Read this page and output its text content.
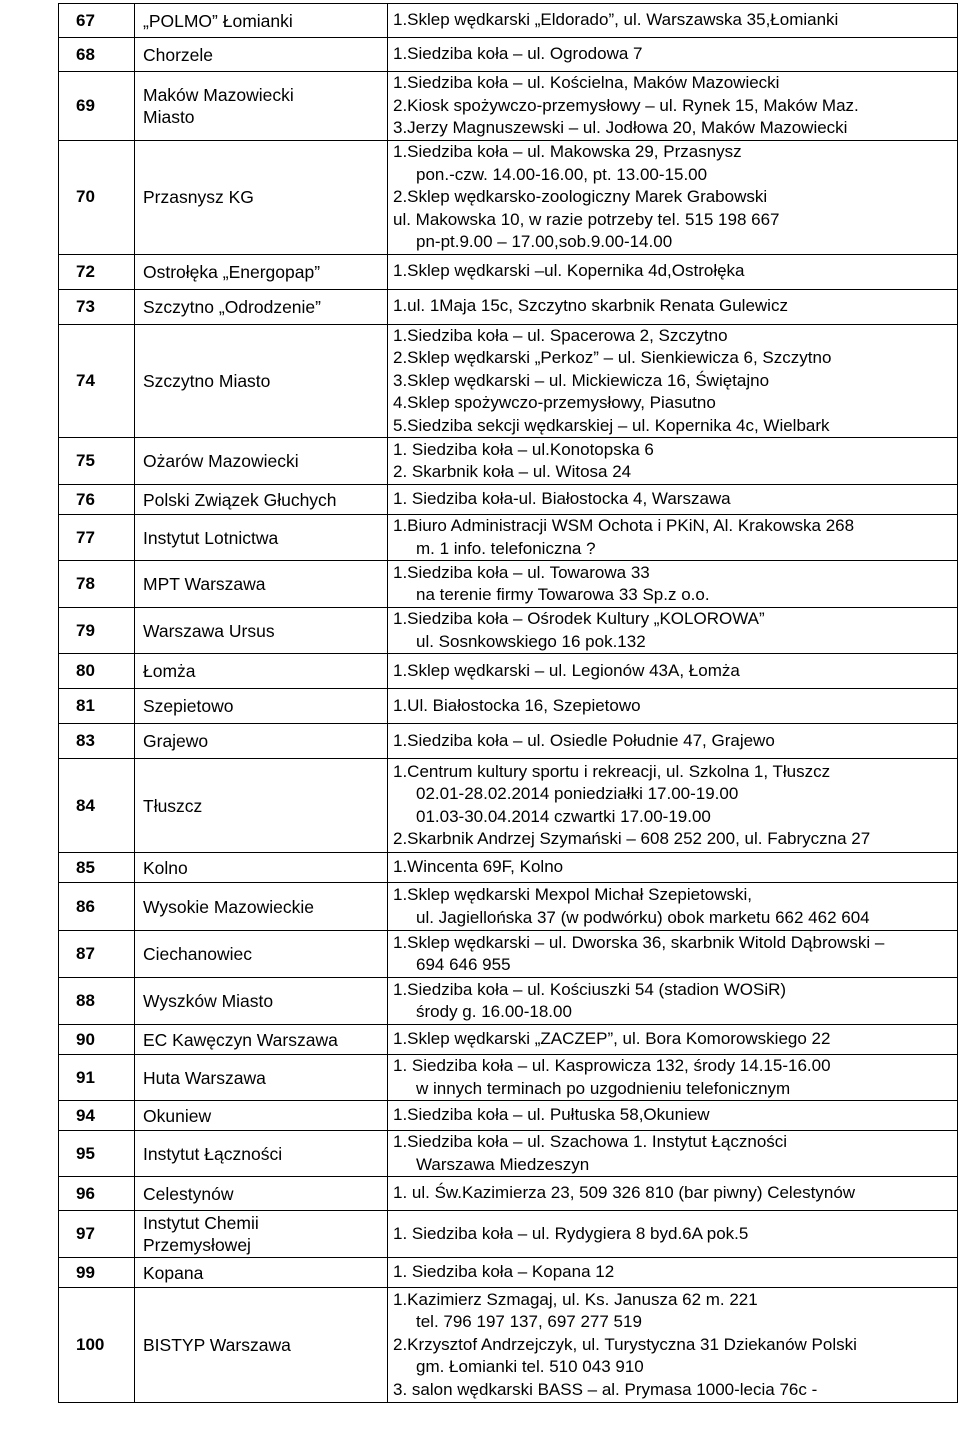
67	„POLMO” Łomianki	1.Sklep wędkarski „Eldorado”, ul. Warszawska 35,Łomianki

68	Chorzele	1.Siedziba koła – ul. Ogrodowa 7

69	Maków Mazowiecki
Miasto	1.Siedziba koła – ul. Kościelna, Maków Mazowiecki
2.Kiosk spożywczo-przemysłowy – ul. Rynek 15, Maków Maz.
3.Jerzy Magnuszewski – ul. Jodłowa 20, Maków Mazowiecki

70	Przasnysz KG	1.Siedziba koła – ul. Makowska 29, Przasnysz
pon.-czw. 14.00-16.00, pt. 13.00-15.00
2.Sklep wędkarsko-zoologiczny Marek Grabowski
ul. Makowska 10, w razie potrzeby tel. 515 198 667
pn-pt.9.00 – 17.00,sob.9.00-14.00

72	Ostrołęka „Energopap”	1.Sklep wędkarski –ul. Kopernika 4d,Ostrołęka

73	Szczytno „Odrodzenie”	1.ul. 1Maja 15c, Szczytno skarbnik Renata Gulewicz

74	Szczytno Miasto	1.Siedziba koła – ul. Spacerowa 2, Szczytno
2.Sklep wędkarski „Perkoz” – ul. Sienkiewicza 6, Szczytno
3.Sklep wędkarski – ul. Mickiewicza 16, Świętajno
4.Sklep spożywczo-przemysłowy, Piasutno
5.Siedziba sekcji wędkarskiej – ul. Kopernika 4c, Wielbark

75	Ożarów Mazowiecki	1. Siedziba koła – ul.Konotopska 6
2. Skarbnik koła – ul. Witosa 24

76	Polski Związek Głuchych	1. Siedziba koła-ul. Białostocka 4, Warszawa

77	Instytut Lotnictwa	1.Biuro Administracji WSM Ochota i PKiN, Al. Krakowska 268
m. 1 info. telefoniczna ?

78	MPT Warszawa	1.Siedziba koła – ul. Towarowa 33
na terenie firmy Towarowa 33 Sp.z o.o.

79	Warszawa Ursus	1.Siedziba koła – Ośrodek Kultury „KOLOROWA”
ul. Sosnkowskiego 16 pok.132

80	Łomża	1.Sklep wędkarski – ul. Legionów 43A, Łomża

81	Szepietowo	1.Ul. Białostocka 16, Szepietowo

83	Grajewo	1.Siedziba koła – ul. Osiedle Południe 47, Grajewo

84	Tłuszcz	1.Centrum kultury sportu i rekreacji, ul. Szkolna 1, Tłuszcz
02.01-28.02.2014 poniedziałki 17.00-19.00
01.03-30.04.2014 czwartki 17.00-19.00
2.Skarbnik Andrzej Szymański – 608 252 200, ul. Fabryczna 27

85	Kolno	1.Wincenta 69F, Kolno

86	Wysokie Mazowieckie	1.Sklep wędkarski Mexpol Michał Szepietowski,
ul. Jagiellońska 37 (w podwórku) obok marketu 662 462 604

87	Ciechanowiec	1.Sklep wędkarski – ul. Dworska 36, skarbnik Witold Dąbrowski –
694 646 955

88	Wyszków Miasto	1.Siedziba koła – ul. Kościuszki 54 (stadion WOSiR)
środy g. 16.00-18.00

90	EC Kawęczyn Warszawa	1.Sklep wędkarski „ZACZEP”, ul. Bora Komorowskiego 22

91	Huta Warszawa	1. Siedziba koła – ul. Kasprowicza 132, środy 14.15-16.00
w innych terminach po uzgodnieniu telefonicznym

94	Okuniew	1.Siedziba koła – ul. Pułtuska 58,Okuniew

95	Instytut Łączności	1.Siedziba koła – ul. Szachowa 1. Instytut Łączności
Warszawa Miedzeszyn

96	Celestynów	1. ul. Św.Kazimierza 23, 509 326 810 (bar piwny) Celestynów

97	Instytut Chemii
Przemysłowej	1. Siedziba koła – ul. Rydygiera 8 byd.6A pok.5

99	Kopana	1. Siedziba koła – Kopana 12

100	BISTYP Warszawa	1.Kazimierz Szmagaj, ul. Ks. Janusza 62 m. 221
tel. 796 197 137, 697 277 519
2.Krzysztof Andrzejczyk, ul. Turystyczna 31 Dziekanów Polski
gm. Łomianki tel. 510 043 910
3. salon wędkarski BASS – al. Prymasa 1000-lecia 76c -
